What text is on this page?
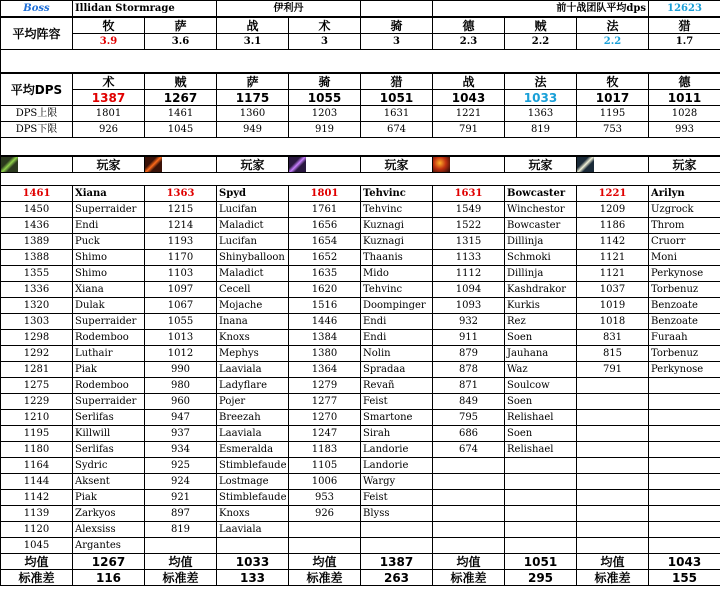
Boss	Illidan Stormrage	伊利丹		前十战团队平均dps	12623
平均阵容	牧	萨	战	术	骑	德	贼	法	猎
	3.9	3.6	3.1	3	3	2.3	2.2	2.2	1.7

平均DPS	术	贼	萨	骑	猎	战	法	牧	德
	1387	1267	1175	1055	1051	1043	1033	1017	1011
DPS上限	1801	1461	1360	1203	1631	1221	1363	1195	1028
DPS下限	926	1045	949	919	674	791	819	753	993

	玩家		玩家		玩家		玩家		玩家

1461	Xiana	1363	Spyd	1801	Tehvinc	1631	Bowcaster	1221	Arilyn
1450	Superraider	1215	Lucifan	1761	Tehvinc	1549	Winchestor	1209	Uzgrock
1436	Endi	1214	Maladict	1656	Kuznagi	1522	Bowcaster	1186	Throm
1389	Puck	1193	Lucifan	1654	Kuznagi	1315	Dillinja	1142	Cruorr
1388	Shimo	1170	Shinyballoon	1652	Thaanis	1133	Schmoki	1121	Moni
1355	Shimo	1103	Maladict	1635	Mido	1112	Dillinja	1121	Perkynose
1336	Xiana	1097	Cecell	1620	Tehvinc	1094	Kashdrakor	1037	Torbenuz
1320	Dulak	1067	Mojache	1516	Doompinger	1093	Kurkis	1019	Benzoate
1303	Superraider	1055	Inana	1446	Endi	932	Rez	1018	Benzoate
1298	Rodemboo	1013	Knoxs	1384	Endi	911	Soen	831	Furaah
1292	Luthair	1012	Mephys	1380	Nolin	879	Jauhana	815	Torbenuz
1281	Piak	990	Laaviala	1364	Spradaa	878	Waz	791	Perkynose
1275	Rodemboo	980	Ladyflare	1279	Revañ	871	Soulcow		
1229	Superraider	960	Pojer	1277	Feist	849	Soen		
1210	Serlifas	947	Breezah	1270	Smartone	795	Relishael		
1195	Killwill	937	Laaviala	1247	Sirah	686	Soen		
1180	Serlifas	934	Esmeralda	1183	Landorie	674	Relishael		
1164	Sydric	925	Stimblefaude	1105	Landorie				
1144	Aksent	924	Lostmage	1006	Wargy				
1142	Piak	921	Stimblefaude	953	Feist				
1139	Zarkyos	897	Knoxs	926	Blyss				
1120	Alexsiss	819	Laaviala						
1045	Argantes								
均值	1267	均值	1033	均值	1387	均值	1051	均值	1043
标准差	116	标准差	133	标准差	263	标准差	295	标准差	155
